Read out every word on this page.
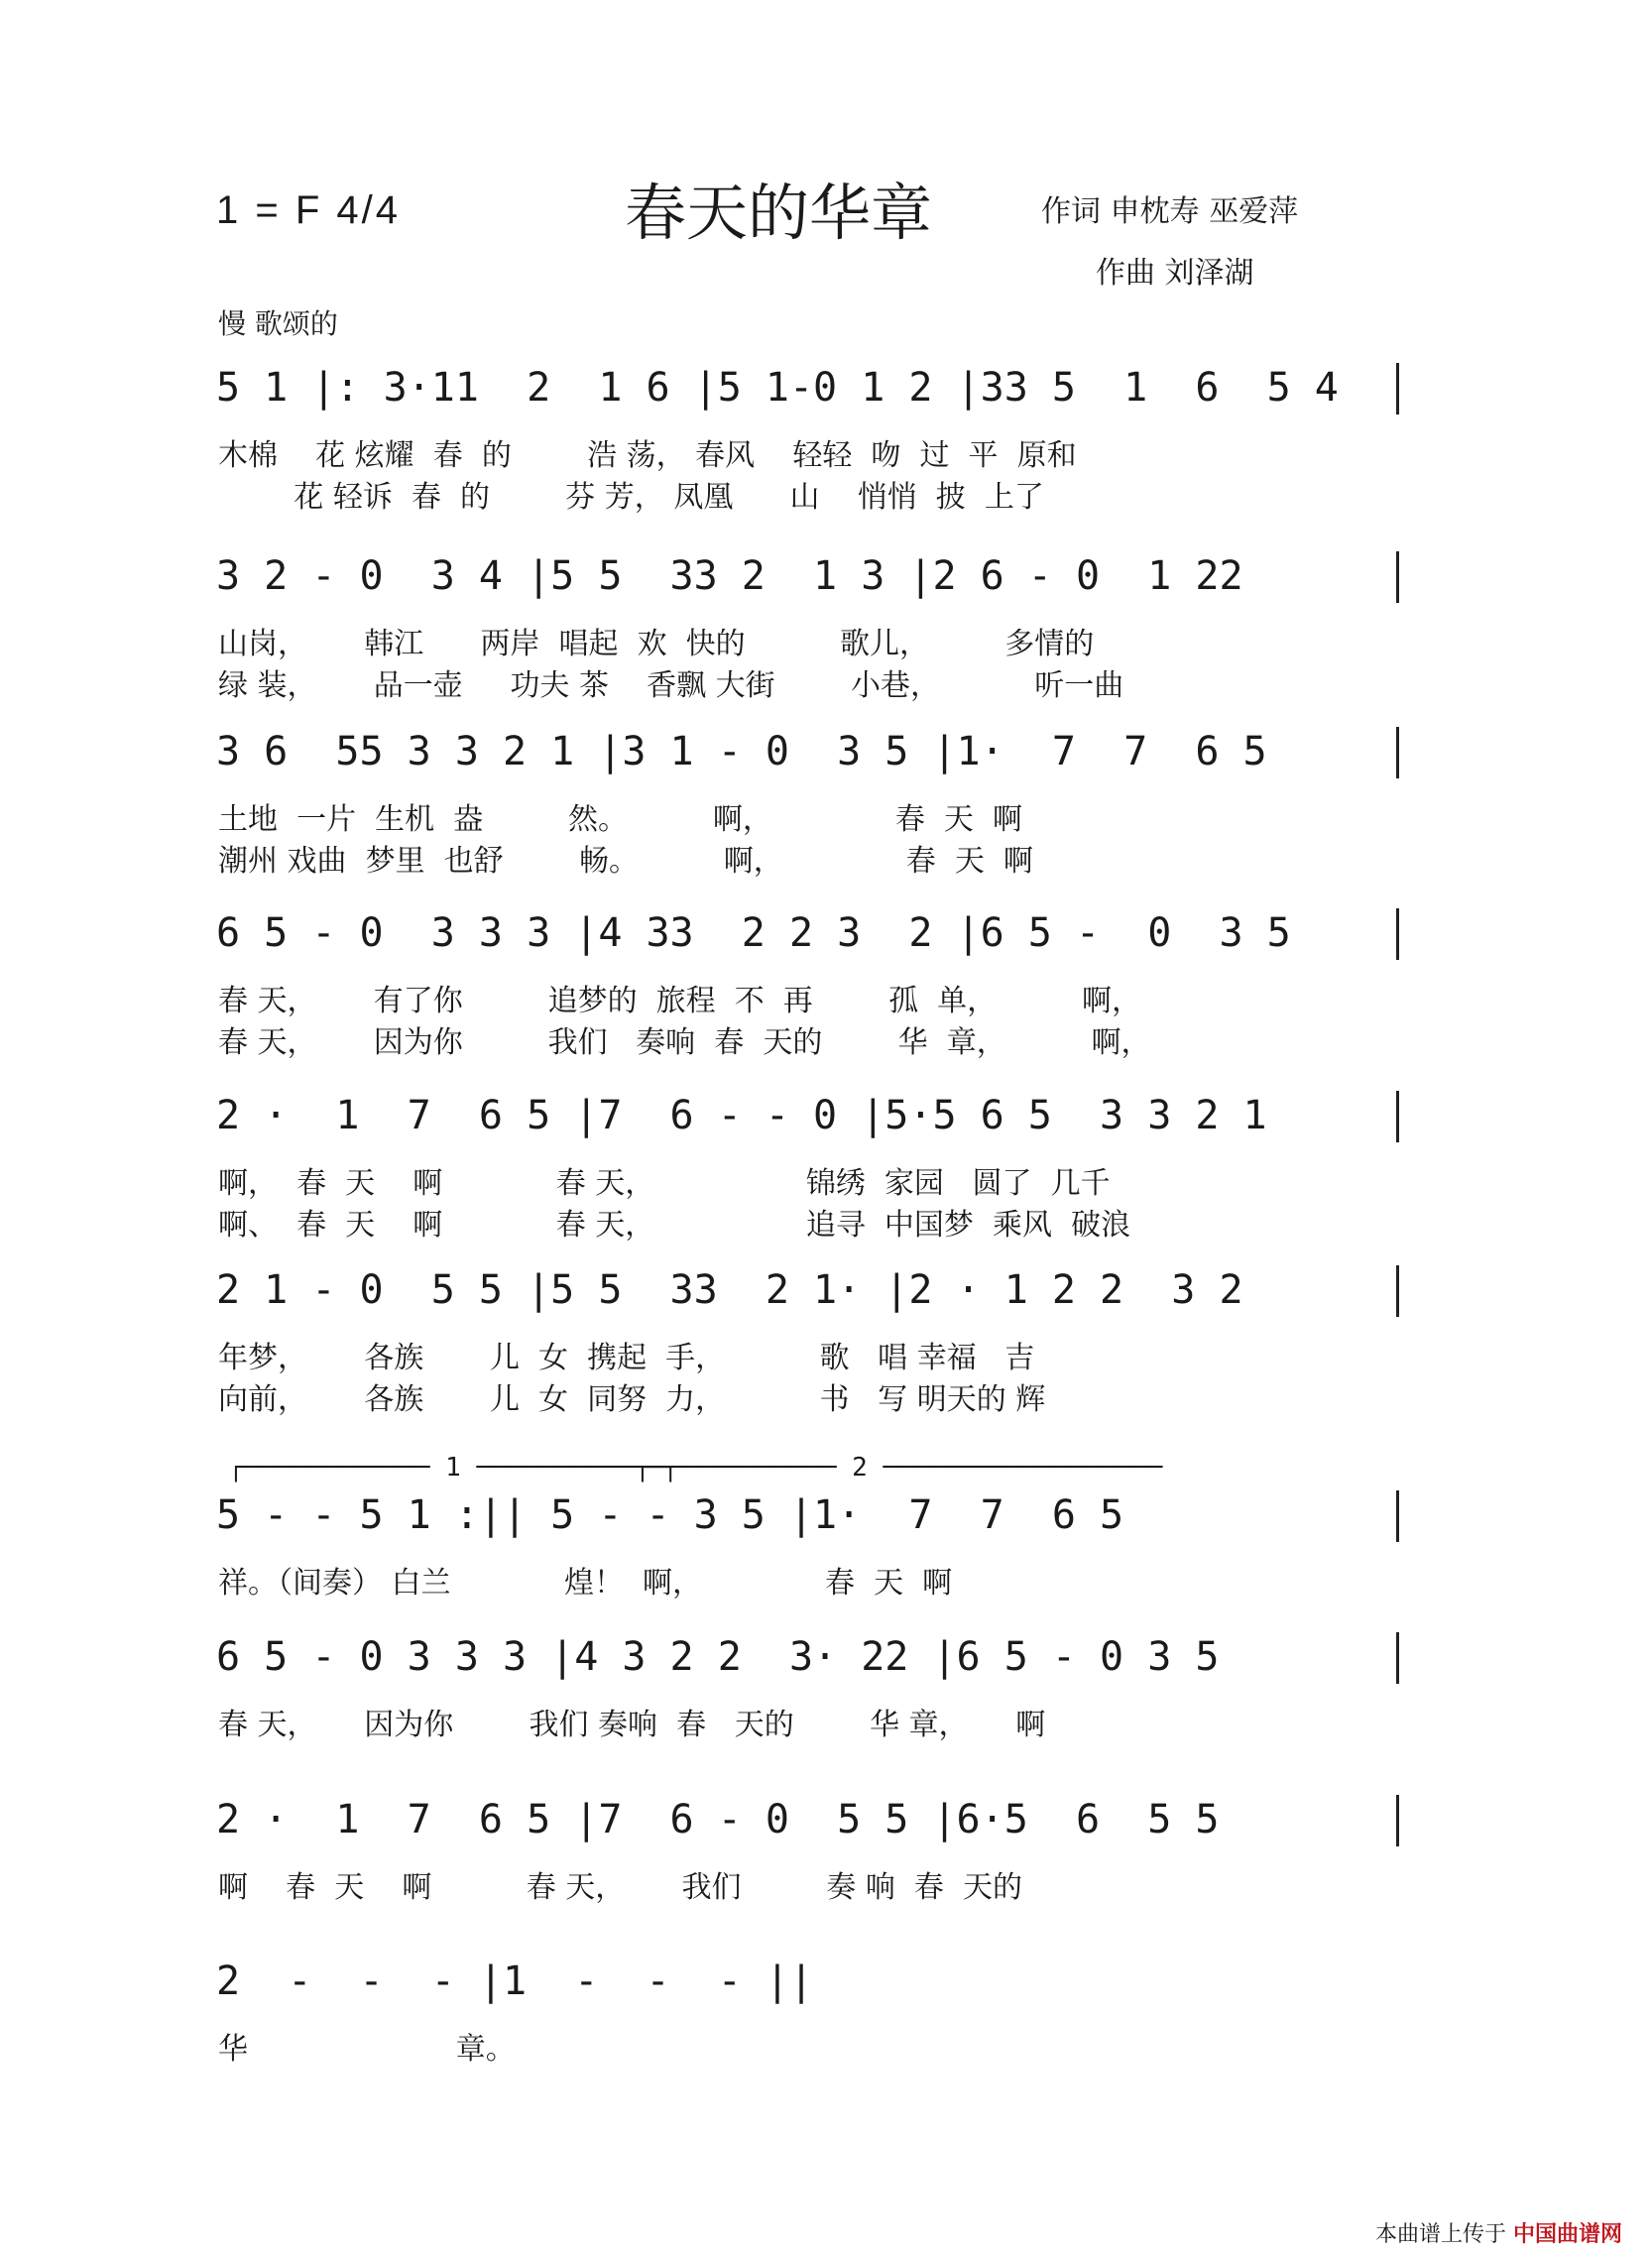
1 = F 4/4	春天的华章	作词 申枕寿 巫爱萍
作曲 刘泽湖
慢 歌颂的
5 1 |: 3·11  2  1 6 |5 1-0 1 2 |33 5  1  6  5 4
木棉    花 炫耀  春  的        浩 荡， 春风    轻轻  吻  过  平  原和
花 轻诉  春  的        芬 芳， 凤凰      山    悄悄  披  上了
3 2 - 0  3 4 |5 5  33 2  1 3 |2 6 - 0  1 22
山岗，      韩江      两岸  唱起  欢  快的          歌儿，        多情的
绿 装，      品一壶     功夫 茶    香飘 大街        小巷，          听一曲
3 6  55 3 3 2 1 |3 1 - 0  3 5 |1·  7  7  6 5
土地  一片  生机  盎         然。         啊，             春  天  啊
潮州 戏曲  梦里  也舒        畅。         啊，             春  天  啊
6 5 - 0  3 3 3 |4 33  2 2 3  2 |6 5 -  0  3 5
春 天，      有了你         追梦的  旅程  不  再        孤  单，         啊，
春 天，      因为你         我们   奏响  春  天的        华  章，         啊，
2 ·  1  7  6 5 |7  6 - - 0 |5·5 6 5  3 3 2 1
啊，  春  天    啊            春 天，                锦绣  家园   圆了  几千
啊、  春  天    啊            春 天，                追寻  中国梦  乘风  破浪
2 1 - 0  5 5 |5 5  33  2 1· |2 · 1 2 2  3 2
年梦，      各族       儿  女  携起  手，          歌   唱 幸福   吉
向前，      各族       儿  女  同努  力，          书   写 明天的 辉
┌──────────── 1 ────────────┐
┌──────────── 2 ──────────────────
5 - - 5 1 :|| 5 - - 3 5 |1·  7  7  6 5
祥。（间奏） 白兰            煌！  啊，             春  天  啊
6 5 - 0 3 3 3 |4 3 2 2  3· 22 |6 5 - 0 3 5
春 天，     因为你        我们 奏响  春   天的        华 章，     啊
2 ·  1  7  6 5 |7  6 - 0  5 5 |6·5  6  5 5
啊    春  天    啊          春 天，      我们         奏 响  春  天的
2  -  -  - |1  -  -  - ||
华                      章。
本曲谱上传于 中国曲谱网
